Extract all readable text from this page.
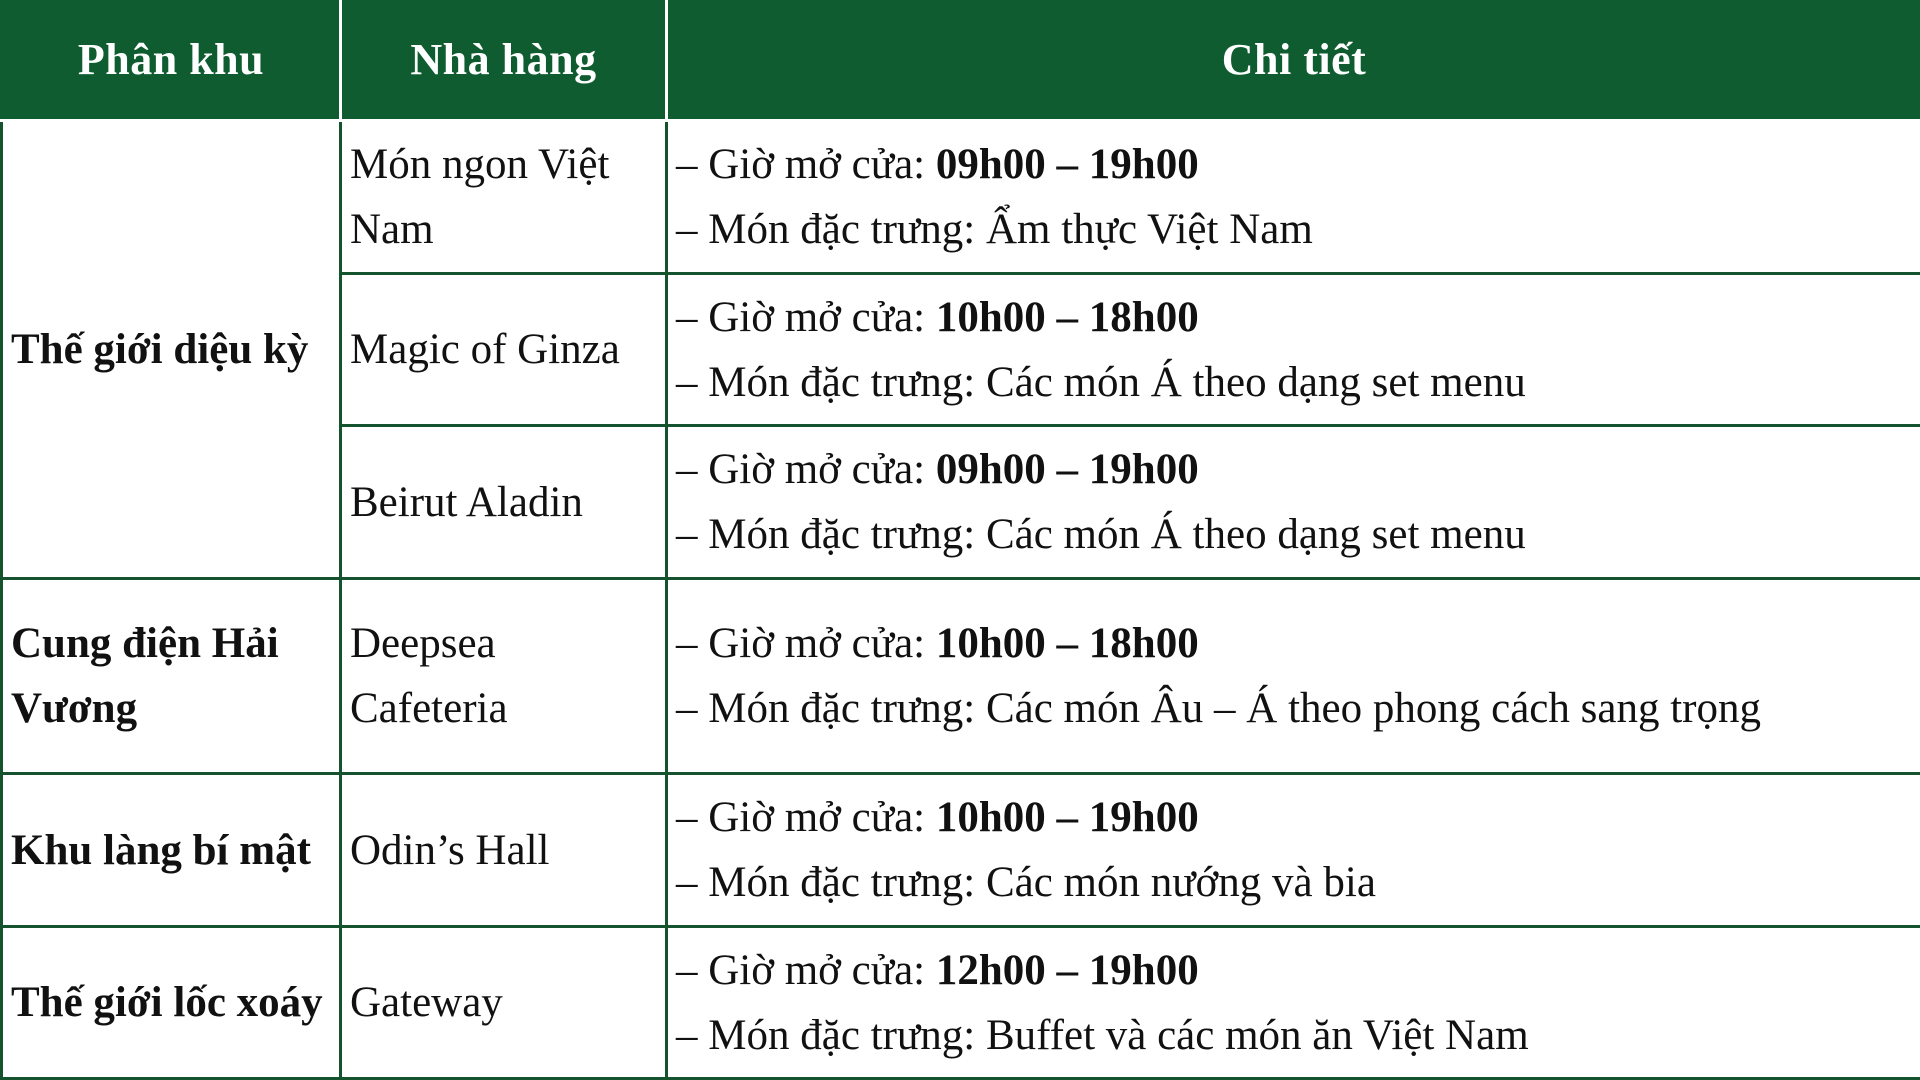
Phân khu	Nhà hàng	Chi tiết
Thế giới diệu kỳ	Món ngon Việt Nam	– Giờ mở cửa: 09h00 – 19h00
– Món đặc trưng: Ẩm thực Việt Nam

	Magic of Ginza	– Giờ mở cửa: 10h00 – 18h00
– Món đặc trưng: Các món Á theo dạng set menu

	Beirut Aladin	– Giờ mở cửa: 09h00 – 19h00
– Món đặc trưng: Các món Á theo dạng set menu

Cung điện Hải Vương	Deepsea Cafeteria	– Giờ mở cửa: 10h00 – 18h00
– Món đặc trưng: Các món Âu – Á theo phong cách sang trọng

Khu làng bí mật	Odin’s Hall	– Giờ mở cửa: 10h00 – 19h00
– Món đặc trưng: Các món nướng và bia

Thế giới lốc xoáy	Gateway	– Giờ mở cửa: 12h00 – 19h00
– Món đặc trưng: Buffet và các món ăn Việt Nam
